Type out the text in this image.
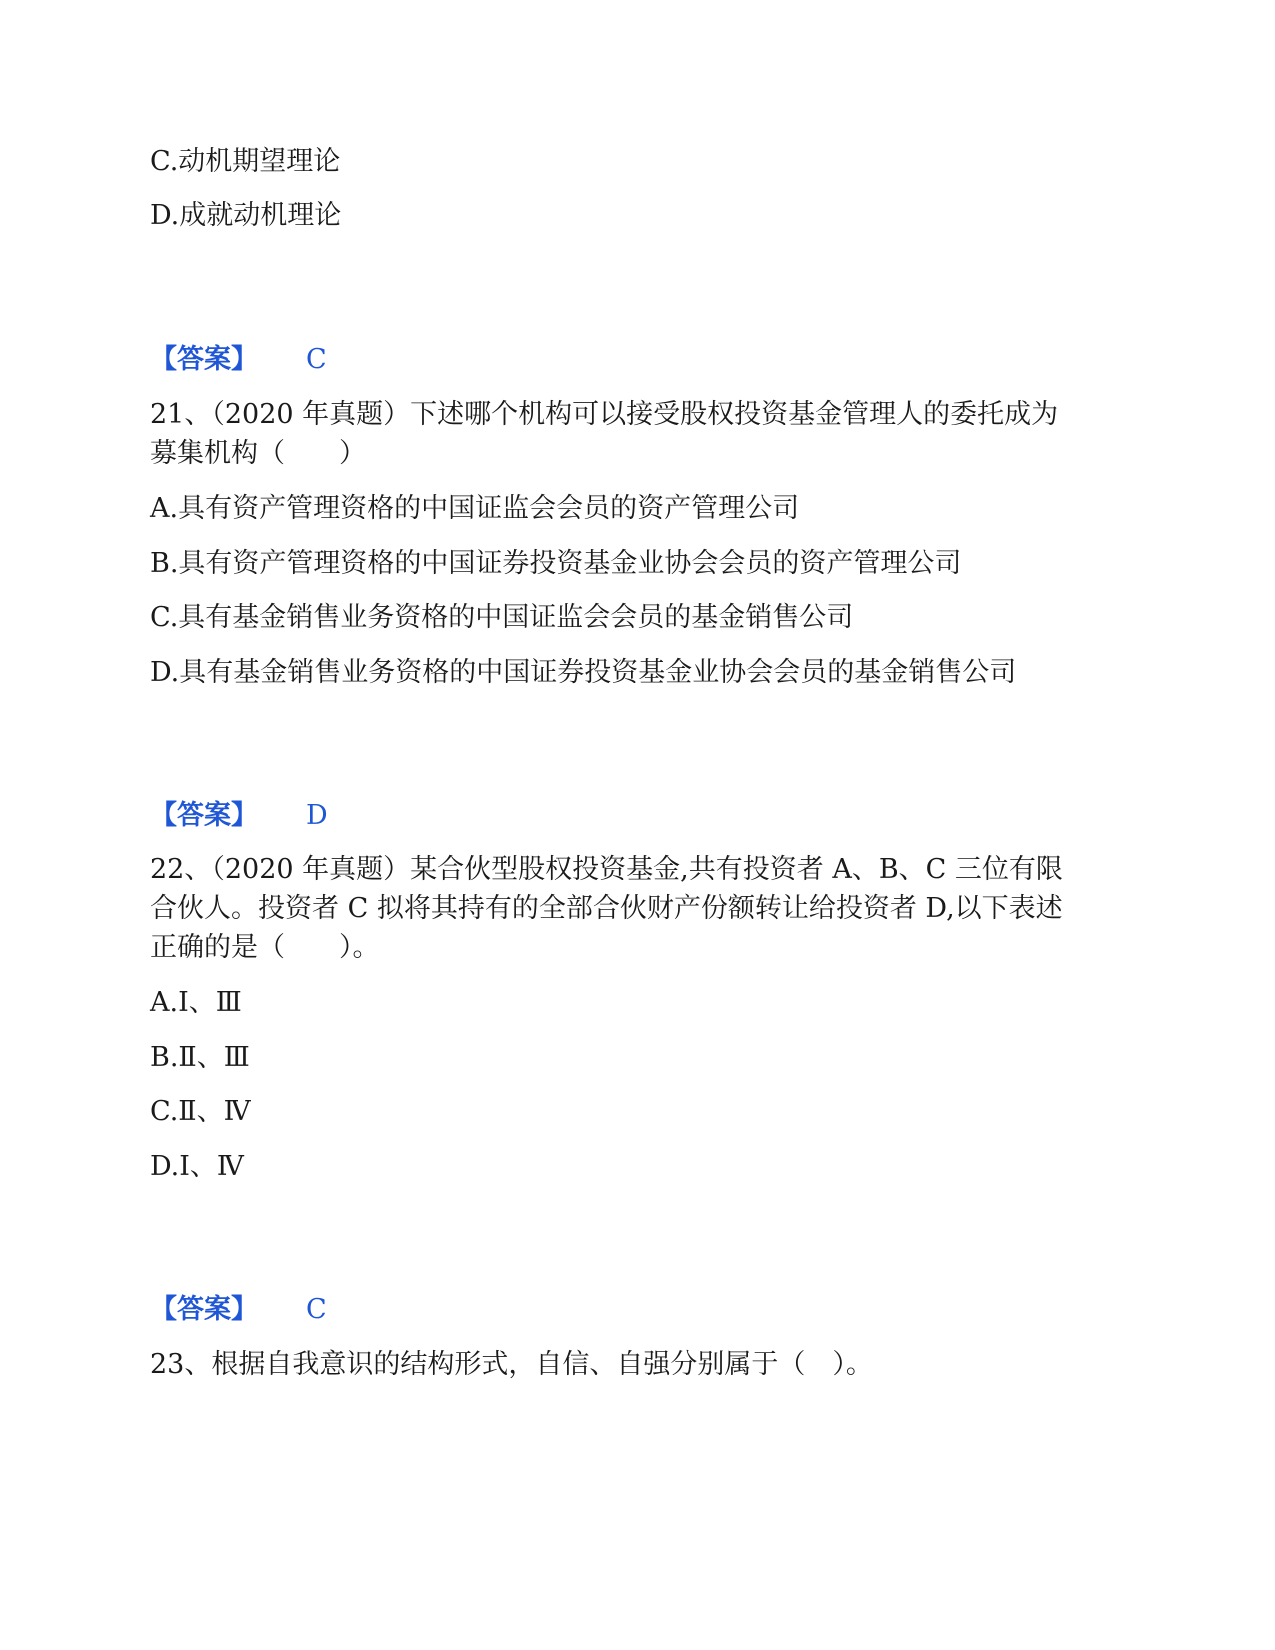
C.动机期望理论
D.成就动机理论
【答案】 C
21、（2020 年真题）下述哪个机构可以接受股权投资基金管理人的委托成为
募集机构（　　）
A.具有资产管理资格的中国证监会会员的资产管理公司
B.具有资产管理资格的中国证券投资基金业协会会员的资产管理公司
C.具有基金销售业务资格的中国证监会会员的基金销售公司
D.具有基金销售业务资格的中国证券投资基金业协会会员的基金销售公司
【答案】 D
22、（2020 年真题）某合伙型股权投资基金,共有投资者 A、B、C 三位有限
合伙人。投资者 C 拟将其持有的全部合伙财产份额转让给投资者 D,以下表述
正确的是（　　）。
A.Ⅰ、Ⅲ
B.Ⅱ、Ⅲ
C.Ⅱ、Ⅳ
D.Ⅰ、Ⅳ
【答案】 C
23、根据自我意识的结构形式，自信、自强分别属于（　）。
